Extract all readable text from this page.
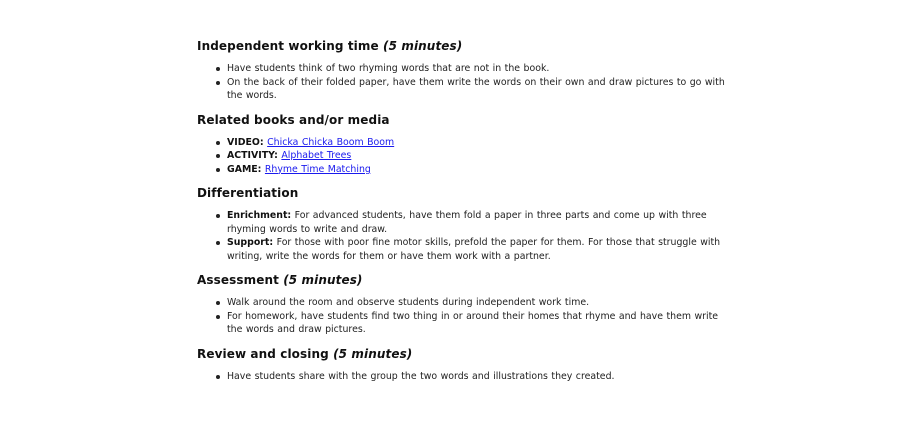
Independent working time (5 minutes)
Have students think of two rhyming words that are not in the book.
On the back of their folded paper, have them write the words on their own and draw pictures to go with the words.
Related books and/or media
VIDEO: Chicka Chicka Boom Boom
ACTIVITY: Alphabet Trees
GAME: Rhyme Time Matching
Differentiation
Enrichment: For advanced students, have them fold a paper in three parts and come up with three rhyming words to write and draw.
Support: For those with poor fine motor skills, prefold the paper for them. For those that struggle with writing, write the words for them or have them work with a partner.
Assessment (5 minutes)
Walk around the room and observe students during independent work time.
For homework, have students find two thing in or around their homes that rhyme and have them write the words and draw pictures.
Review and closing (5 minutes)
Have students share with the group the two words and illustrations they created.
